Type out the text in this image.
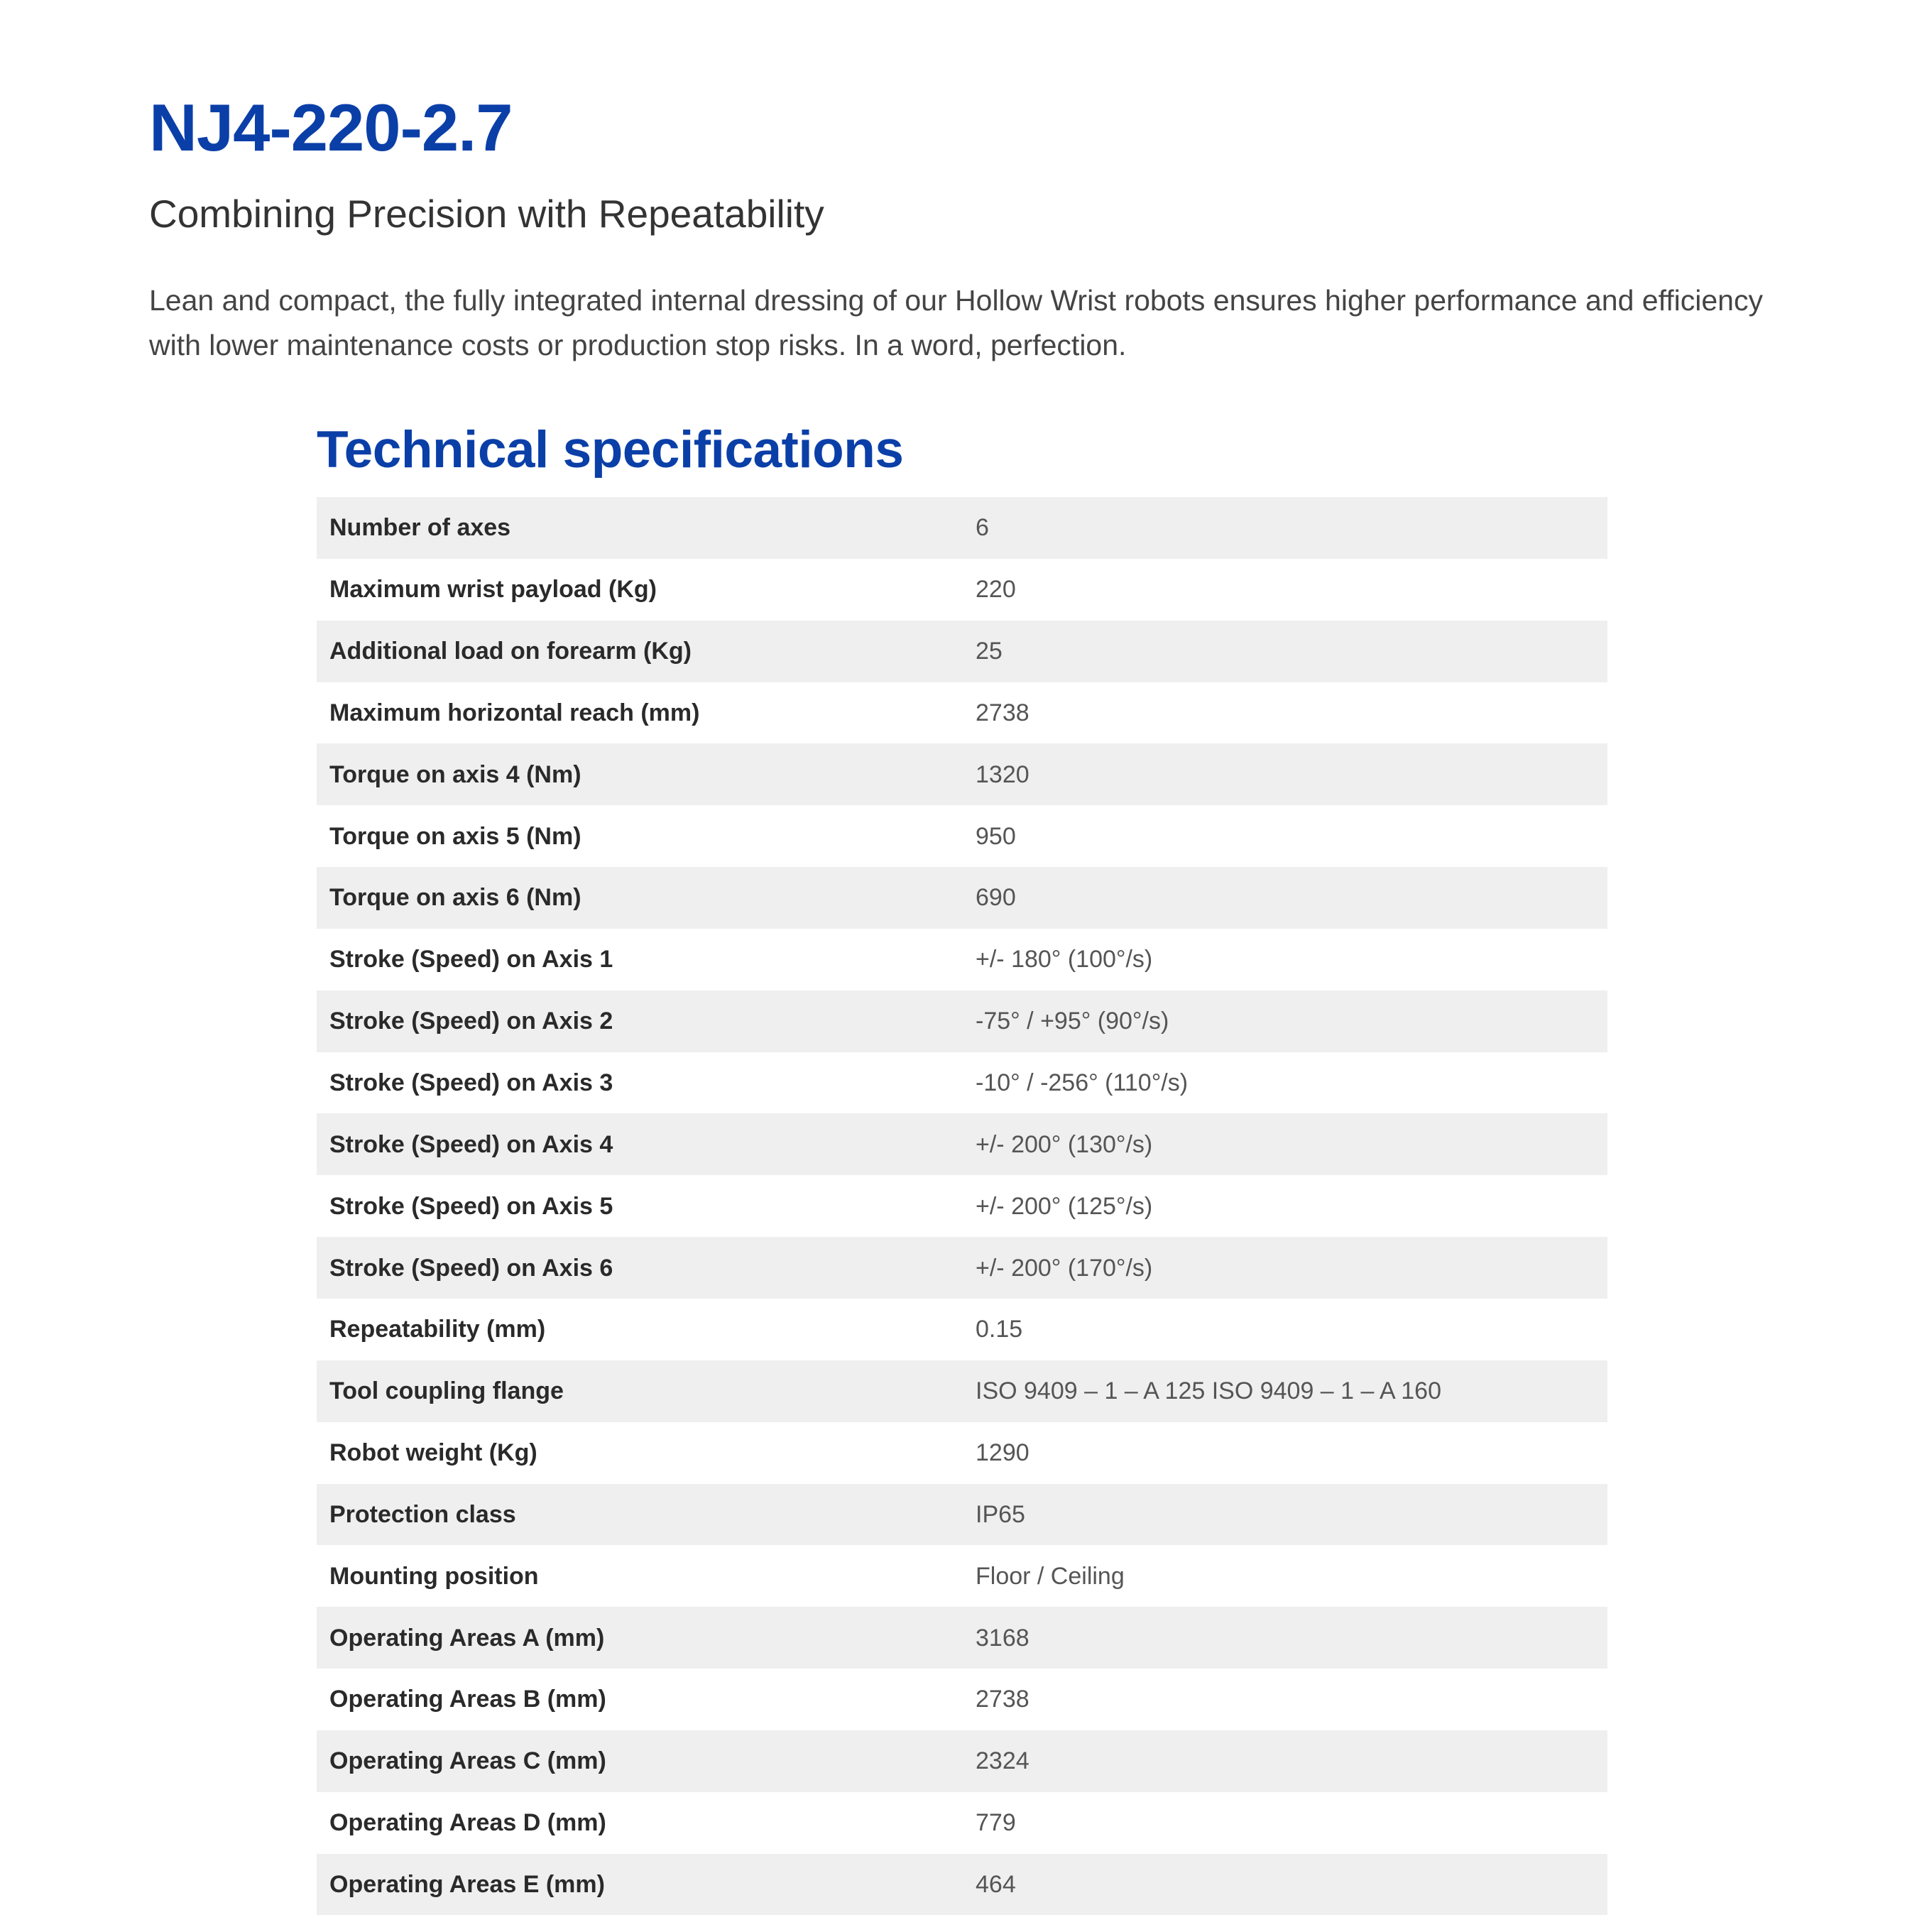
NJ4-220-2.7

Combining Precision with Repeatability

Lean and compact, the fully integrated internal dressing of our Hollow Wrist robots ensures higher performance and efficiency with lower maintenance costs or production stop risks. In a word, perfection.

Technical specifications
Number of axes	6
Maximum wrist payload (Kg)	220
Additional load on forearm (Kg)	25
Maximum horizontal reach (mm)	2738
Torque on axis 4 (Nm)	1320
Torque on axis 5 (Nm)	950
Torque on axis 6 (Nm)	690
Stroke (Speed) on Axis 1	+/- 180° (100°/s)
Stroke (Speed) on Axis 2	-75° / +95° (90°/s)
Stroke (Speed) on Axis 3	-10° / -256° (110°/s)
Stroke (Speed) on Axis 4	+/- 200° (130°/s)
Stroke (Speed) on Axis 5	+/- 200° (125°/s)
Stroke (Speed) on Axis 6	+/- 200° (170°/s)
Repeatability (mm)	0.15
Tool coupling flange	ISO 9409 – 1 – A 125 ISO 9409 – 1 – A 160
Robot weight (Kg)	1290
Protection class	IP65
Mounting position	Floor / Ceiling
Operating Areas A (mm)	3168
Operating Areas B (mm)	2738
Operating Areas C (mm)	2324
Operating Areas D (mm)	779
Operating Areas E (mm)	464
